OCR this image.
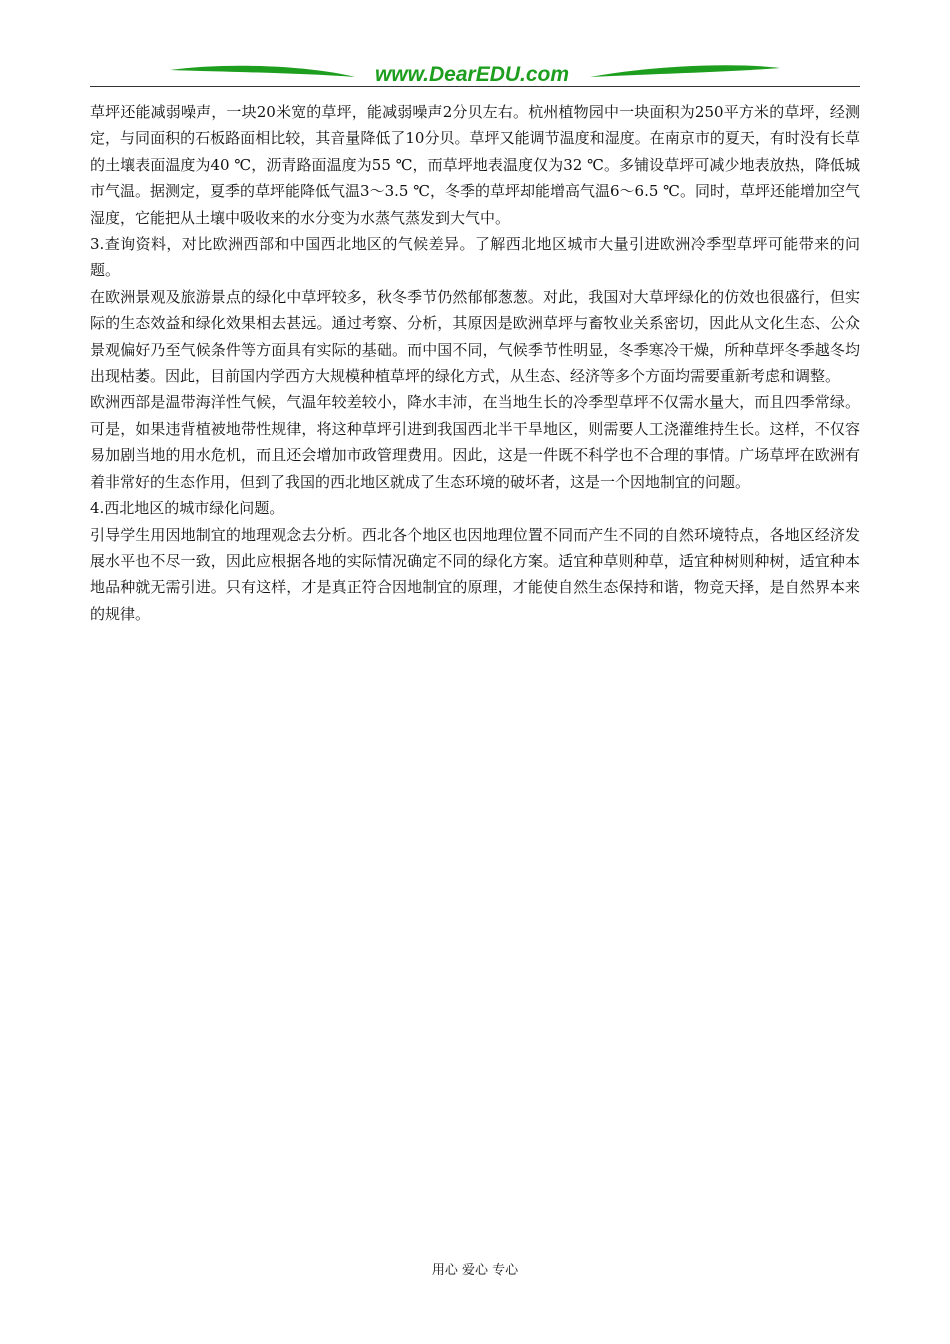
www.DearEDU.com

草坪还能减弱噪声，一块20米宽的草坪，能减弱噪声2分贝左右。杭州植物园中一块面积为250平方米的草坪，经测定，与同面积的石板路面相比较，其音量降低了10分贝。草坪又能调节温度和湿度。在南京市的夏天，有时没有长草的土壤表面温度为40 ℃，沥青路面温度为55 ℃，而草坪地表温度仅为32 ℃。多铺设草坪可减少地表放热，降低城市气温。据测定，夏季的草坪能降低气温3～3.5 ℃，冬季的草坪却能增高气温6～6.5 ℃。同时，草坪还能增加空气湿度，它能把从土壤中吸收来的水分变为水蒸气蒸发到大气中。

3.查询资料，对比欧洲西部和中国西北地区的气候差异。了解西北地区城市大量引进欧洲冷季型草坪可能带来的问题。

在欧洲景观及旅游景点的绿化中草坪较多，秋冬季节仍然郁郁葱葱。对此，我国对大草坪绿化的仿效也很盛行，但实际的生态效益和绿化效果相去甚远。通过考察、分析，其原因是欧洲草坪与畜牧业关系密切，因此从文化生态、公众景观偏好乃至气候条件等方面具有实际的基础。而中国不同，气候季节性明显，冬季寒冷干燥，所种草坪冬季越冬均出现枯萎。因此，目前国内学西方大规模种植草坪的绿化方式，从生态、经济等多个方面均需要重新考虑和调整。

欧洲西部是温带海洋性气候，气温年较差较小，降水丰沛，在当地生长的冷季型草坪不仅需水量大，而且四季常绿。可是，如果违背植被地带性规律，将这种草坪引进到我国西北半干旱地区，则需要人工浇灌维持生长。这样，不仅容易加剧当地的用水危机，而且还会增加市政管理费用。因此，这是一件既不科学也不合理的事情。广场草坪在欧洲有着非常好的生态作用，但到了我国的西北地区就成了生态环境的破坏者，这是一个因地制宜的问题。

4.西北地区的城市绿化问题。

引导学生用因地制宜的地理观念去分析。西北各个地区也因地理位置不同而产生不同的自然环境特点，各地区经济发展水平也不尽一致，因此应根据各地的实际情况确定不同的绿化方案。适宜种草则种草，适宜种树则种树，适宜种本地品种就无需引进。只有这样，才是真正符合因地制宜的原理，才能使自然生态保持和谐，物竞天择，是自然界本来的规律。

用心 爱心 专心
